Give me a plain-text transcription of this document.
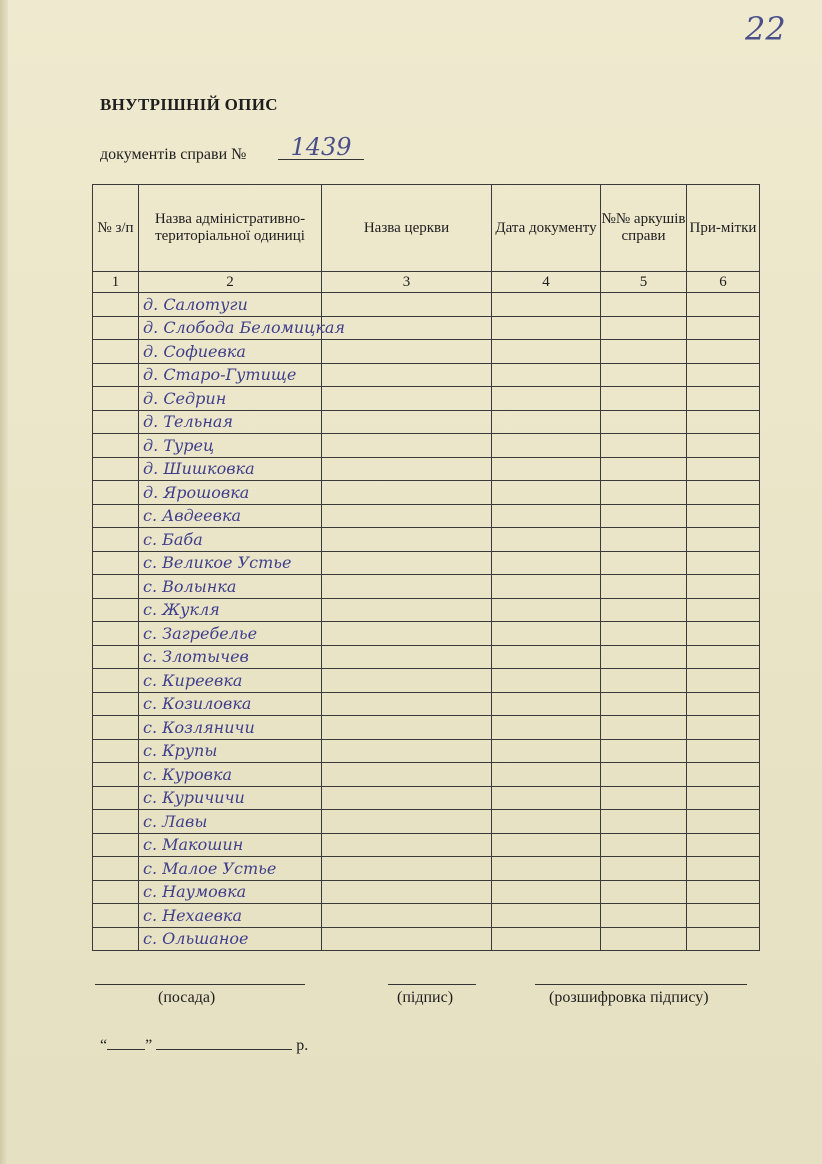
22
ВНУТРІШНІЙ ОПИС
документів справи №	1439
№ з/п	Назва адміністративно-територіальної одиниці	Назва церкви	Дата документу	№№ аркушів справи	При-мітки
1	2	3	4	5	6
	д. Салотуги				
	д. Слобода Беломицкая				
	д. Софиевка				
	д. Старо-Гутище				
	д. Седрин				
	д. Тельная				
	д. Турец				
	д. Шишковка				
	д. Ярошовка				
	с. Авдеевка				
	с. Баба				
	с. Великое Устье				
	с. Волынка				
	с. Жукля				
	с. Загребелье				
	с. Злотычев				
	с. Киреевка				
	с. Козиловка				
	с. Козляничи				
	с. Крупы				
	с. Куровка				
	с. Куричичи				
	с. Лавы				
	с. Макошин				
	с. Малое Устье				
	с. Наумовка				
	с. Нехаевка				
	с. Ольшаное				
(посада)	(підпис)	(розшифровка підпису)
“ ”	р.
